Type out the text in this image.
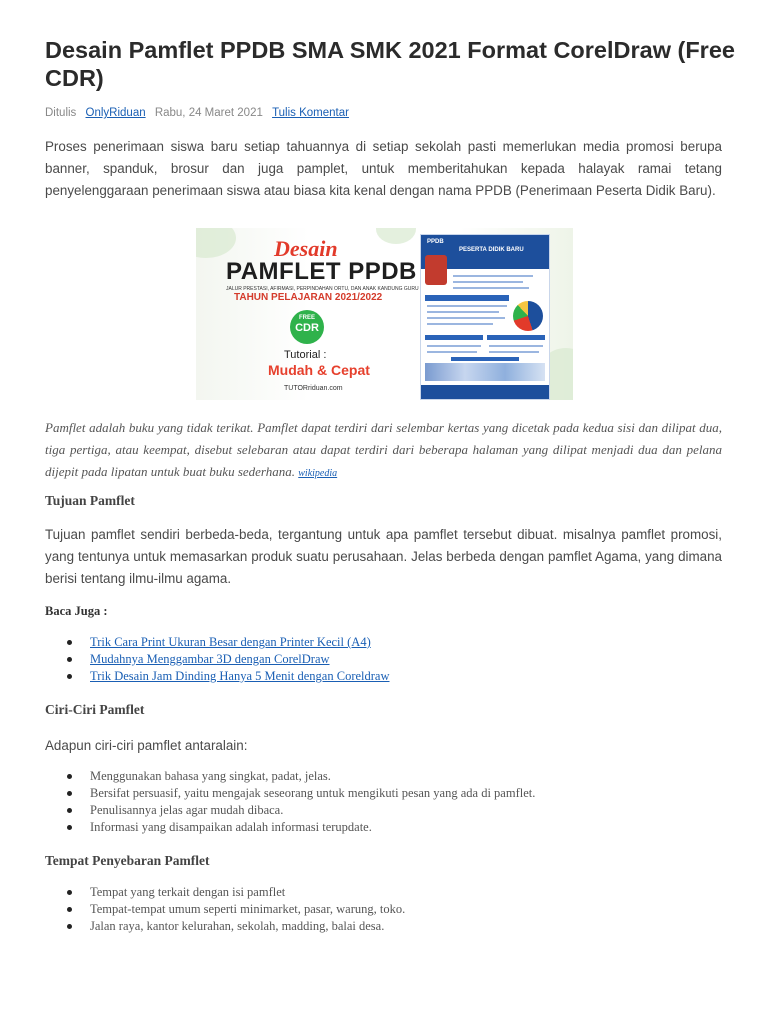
Desain Pamflet PPDB SMA SMK 2021 Format CorelDraw (Free CDR)
Ditulis OnlyRiduan Rabu, 24 Maret 2021 Tulis Komentar

Proses penerimaan siswa baru setiap tahuannya di setiap sekolah pasti memerlukan media promosi berupa banner, spanduk, brosur dan juga pamplet, untuk memberitahukan kepada halayak ramai tetang penyelenggaraan penerimaan siswa atau biasa kita kenal dengan nama PPDB (Penerimaan Peserta Didik Baru).

Desain
PAMFLET PPDB
JALUR PRESTASI, AFIRMASI, PERPINDAHAN ORTU, DAN ANAK KANDUNG GURU
TAHUN PELAJARAN 2021/2022
FREE
CDR
Tutorial :
Mudah & Cepat
TUTORriduan.com
PPDB
PESERTA DIDIK BARU

Pamflet adalah buku yang tidak terikat. Pamflet dapat terdiri dari selembar kertas yang dicetak pada kedua sisi dan dilipat dua, tiga pertiga, atau keempat, disebut selebaran atau dapat terdiri dari beberapa halaman yang dilipat menjadi dua dan pelana dijepit pada lipatan untuk buat buku sederhana. wikipedia

Tujuan Pamflet

Tujuan pamflet sendiri berbeda-beda, tergantung untuk apa pamflet tersebut dibuat. misalnya pamflet promosi, yang tentunya untuk memasarkan produk suatu perusahaan. Jelas berbeda dengan pamflet Agama, yang dimana berisi tentang ilmu-ilmu agama.

Baca Juga :
Trik Cara Print Ukuran Besar dengan Printer Kecil (A4)
Mudahnya Menggambar 3D dengan CorelDraw
Trik Desain Jam Dinding Hanya 5 Menit dengan Coreldraw
Ciri-Ciri Pamflet

Adapun ciri-ciri pamflet antaralain:

Menggunakan bahasa yang singkat, padat, jelas.
Bersifat persuasif, yaitu mengajak seseorang untuk mengikuti pesan yang ada di pamflet.
Penulisannya jelas agar mudah dibaca.
Informasi yang disampaikan adalah informasi terupdate.
Tempat Penyebaran Pamflet
Tempat yang terkait dengan isi pamflet
Tempat-tempat umum seperti minimarket, pasar, warung, toko.
Jalan raya, kantor kelurahan, sekolah, madding, balai desa.
